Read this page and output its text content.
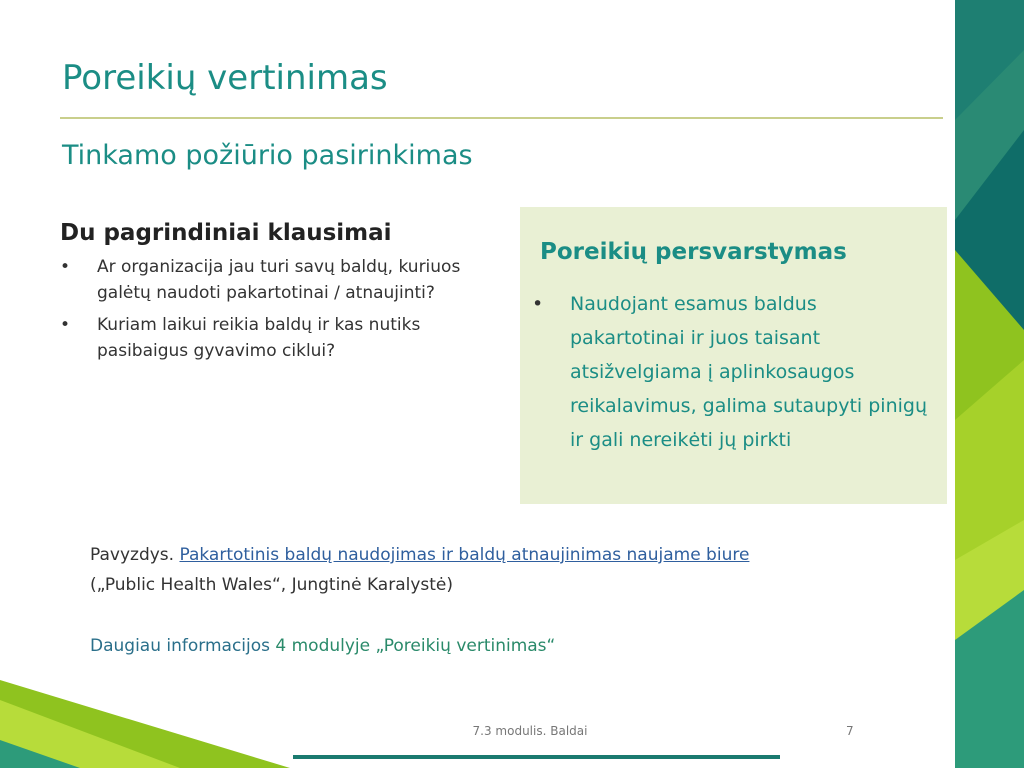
Poreikių vertinimas
Tinkamo požiūrio pasirinkimas
Du pagrindiniai klausimai
• Ar organizacija jau turi savų baldų, kuriuos galėtų naudoti pakartotinai / atnaujinti?
• Kuriam laikui reikia baldų ir kas nutiks pasibaigus gyvavimo ciklui?
Poreikių persvarstymas
• Naudojant esamus baldus pakartotinai ir juos taisant atsižvelgiama į aplinkosaugos reikalavimus, galima sutaupyti pinigų ir gali nereikėti jų pirkti
Pavyzdys. Pakartotinis baldų naudojimas ir baldų atnaujinimas naujame biure
(„Public Health Wales“, Jungtinė Karalystė)
Daugiau informacijos 4 modulyje „Poreikių vertinimas“
7.3 modulis. Baldai	7
